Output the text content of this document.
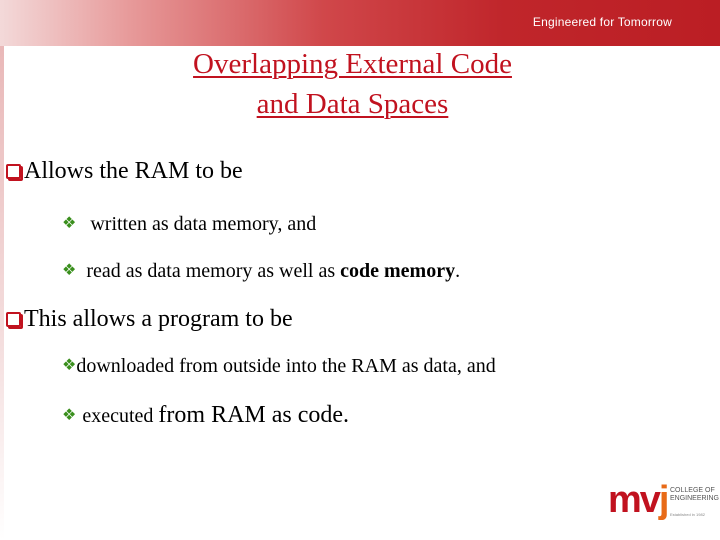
Engineered for Tomorrow
Overlapping External Code
and Data Spaces
Allows the RAM to be
❖ written as data memory, and
❖ read as data memory as well as code memory.
This allows a program to be
❖downloaded from outside into the RAM as data, and
❖ executed from RAM as code.
mvj COLLEGE OF
ENGINEERING
Established in 1982
